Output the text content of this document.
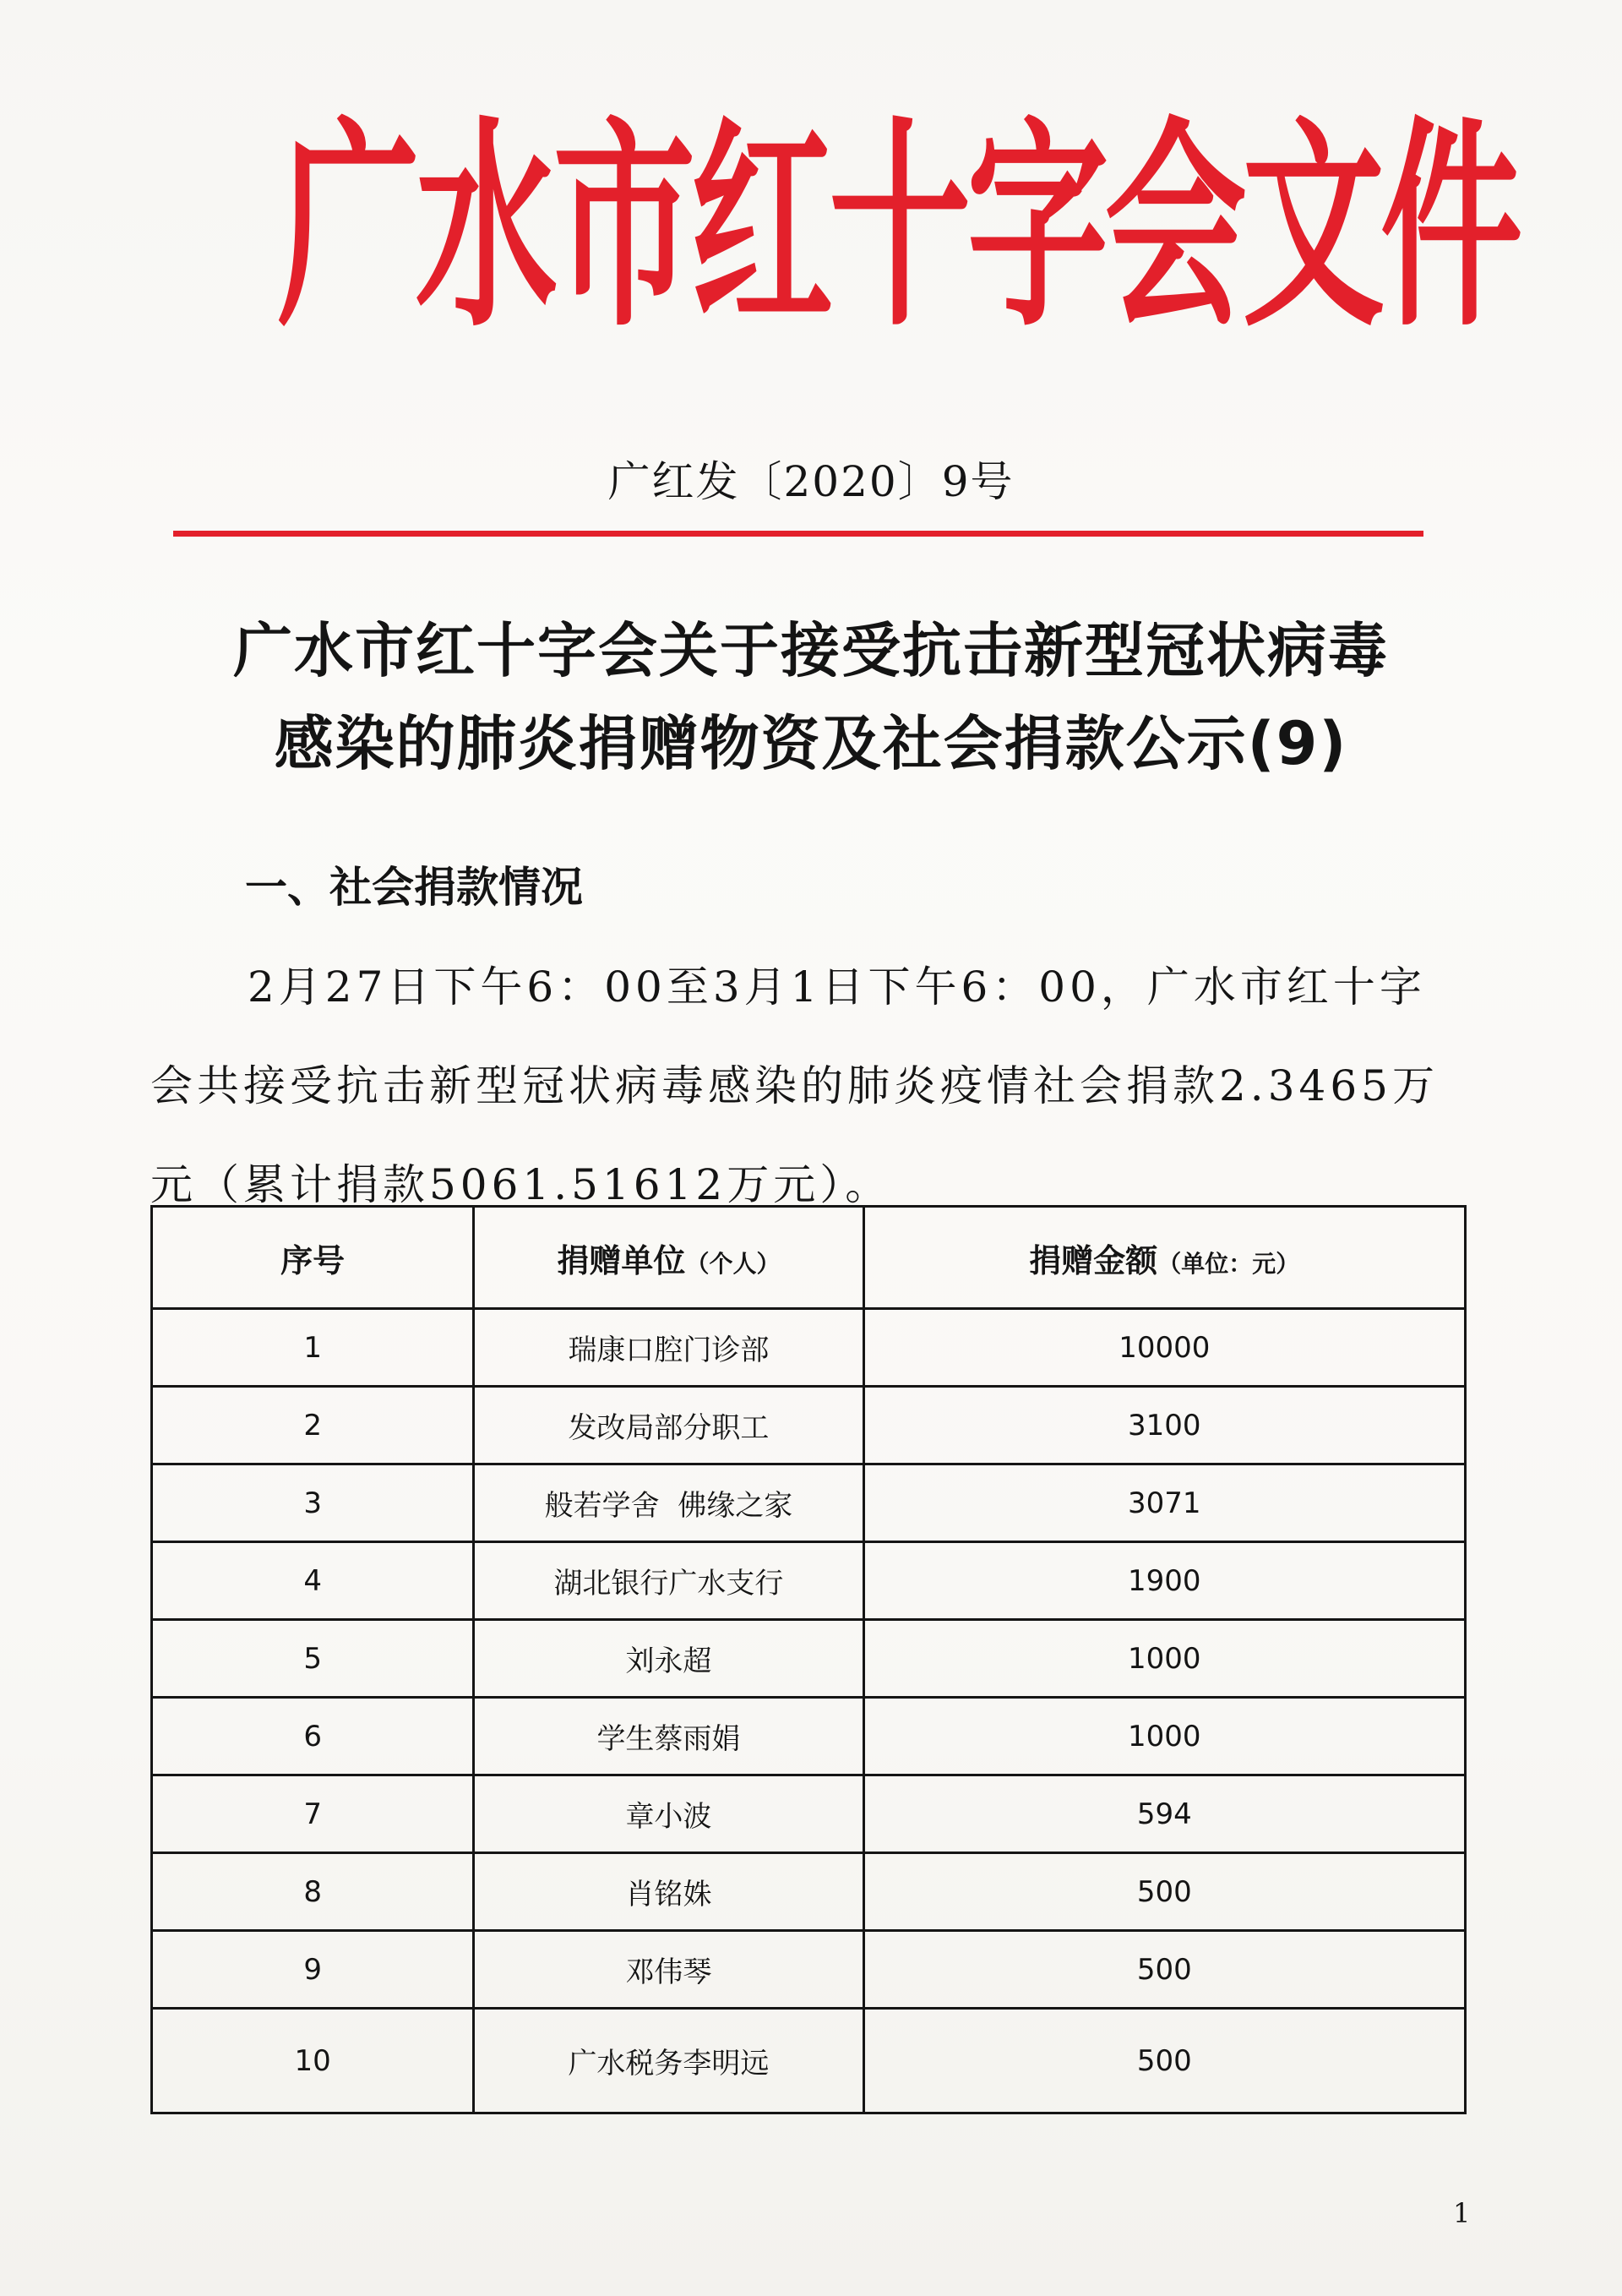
广水市红十字会文件
广红发〔2020〕9号
广水市红十字会关于接受抗击新型冠状病毒
感染的肺炎捐赠物资及社会捐款公示(9)
一、社会捐款情况
2月27日下午6：00至3月1日下午6：00，广水市红十字会共接受抗击新型冠状病毒感染的肺炎疫情社会捐款2.3465万元（累计捐款5061.51612万元）。
序号	捐赠单位（个人）	捐赠金额（单位：元）
1	瑞康口腔门诊部	10000
2	发改局部分职工	3100
3	般若学舍  佛缘之家	3071
4	湖北银行广水支行	1900
5	刘永超	1000
6	学生蔡雨娟	1000
7	章小波	594
8	肖铭姝	500
9	邓伟琴	500
10	广水税务李明远	500
1
